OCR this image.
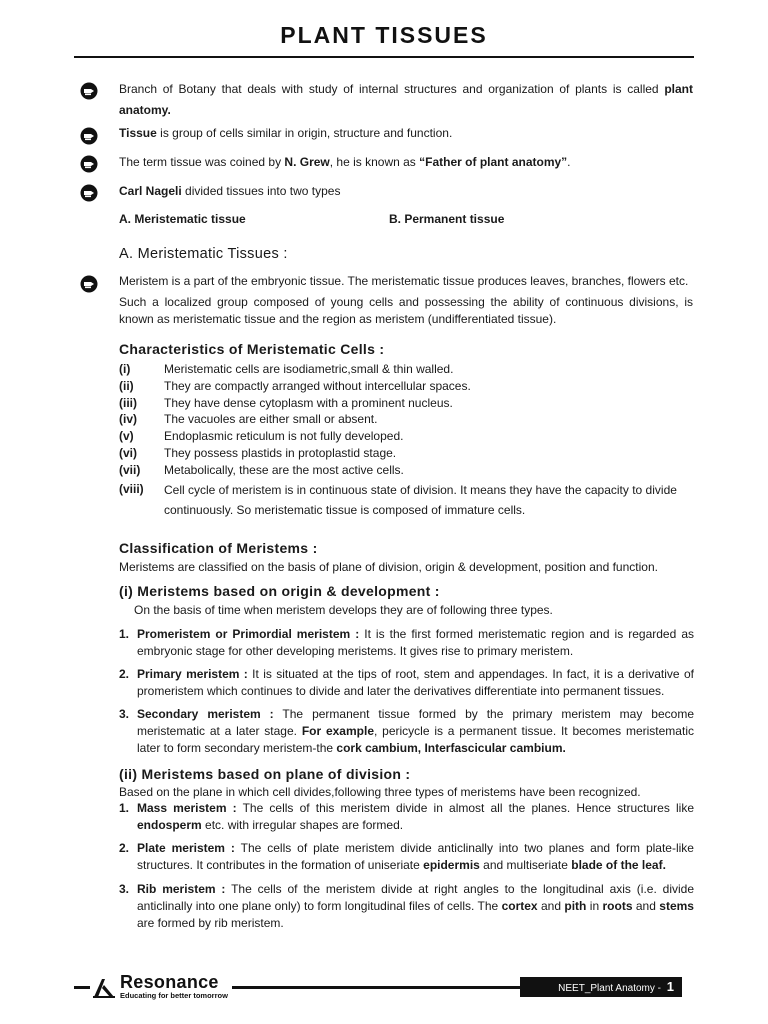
PLANT TISSUES
Branch of Botany that deals with study of internal structures and organization of plants is called plant anatomy.
Tissue is group of cells similar in origin, structure and function.
The term tissue was coined by N. Grew, he is known as “Father of plant anatomy”.
Carl Nageli divided tissues into two types
A. Meristematic tissue	B. Permanent tissue
A. Meristematic Tissues :
Meristem is a part of the embryonic tissue. The meristematic tissue produces leaves, branches, flowers etc.
Such a localized group composed of young cells and possessing the ability of continuous divisions, is known as meristematic tissue and the region as meristem (undifferentiated tissue).
Characteristics of Meristematic Cells :
(i)	Meristematic cells are isodiametric,small & thin walled.
(ii)	They are compactly arranged without intercellular spaces.
(iii) They have dense cytoplasm with a prominent nucleus.
(iv) The vacuoles are either small or absent.
(v)	Endoplasmic reticulum is not fully developed.
(vi) They possess plastids in protoplastid stage.
(vii) Metabolically, these are the most active cells.
(viii) Cell cycle of meristem is in continuous state of division. It means they have the capacity to divide continuously. So meristematic tissue is composed of immature cells.
Classification of Meristems :
Meristems are classified on the basis of plane of division, origin & development, position and function.
(i) Meristems based on origin & development :
On the basis of time when meristem develops they are of following three types.
1. Promeristem or Primordial meristem : It is the first formed meristematic region and is regarded as embryonic stage for other developing meristems. It gives rise to primary meristem.
2. Primary meristem : It is situated at the tips of root, stem and appendages. In fact, it is a derivative of promeristem which continues to divide and later the derivatives differentiate into permanent tissues.
3. Secondary meristem : The permanent tissue formed by the primary meristem may become meristematic at a later stage. For example, pericycle is a permanent tissue. It becomes meristematic later to form secondary meristem-the cork cambium, Interfascicular cambium.
(ii) Meristems based on plane of division :
Based on the plane in which cell divides,following three types of meristems have been recognized.
1. Mass meristem : The cells of this meristem divide in almost all the planes. Hence structures like endosperm etc. with irregular shapes are formed.
2. Plate meristem : The cells of plate meristem divide anticlinally into two planes and form plate-like structures. It contributes in the formation of uniseriate epidermis and multiseriate blade of the leaf.
3. Rib meristem : The cells of the meristem divide at right angles to the longitudinal axis (i.e. divide anticlinally into one plane only) to form longitudinal files of cells. The cortex and pith in roots and stems are formed by rib meristem.
Resonance
Educating for better tomorrow
NEET_Plant Anatomy - 1
